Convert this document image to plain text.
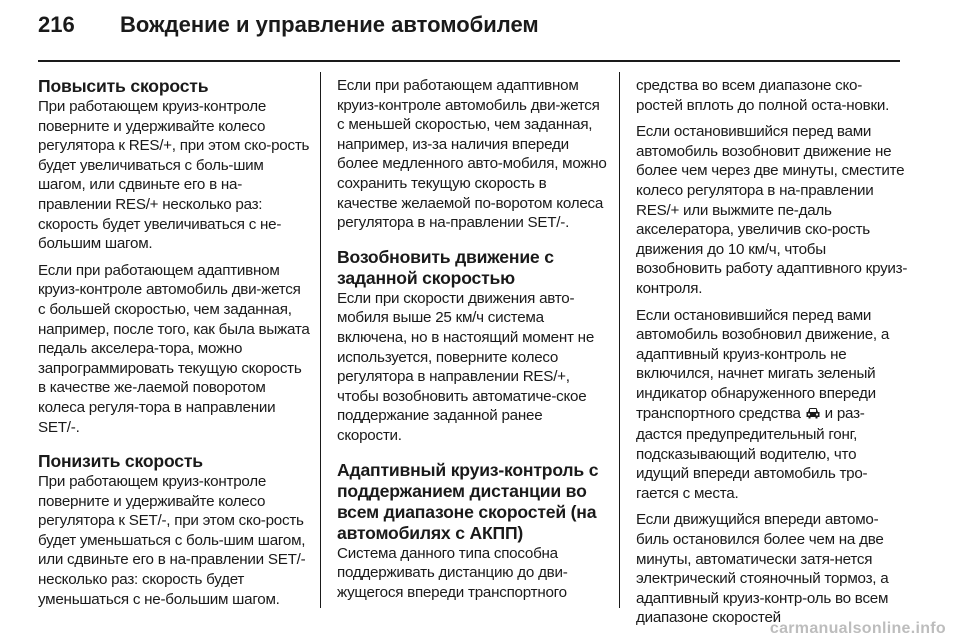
216	Вождение и управление автомобилем
Повысить скорость

При работающем круиз-контроле поверните и удерживайте колесо регулятора к RES/+, при этом ско-рость будет увеличиваться с боль-шим шагом, или сдвиньте его в на-правлении RES/+ несколько раз: скорость будет увеличиваться с не-большим шагом.

Если при работающем адаптивном круиз-контроле автомобиль дви-жется с большей скоростью, чем заданная, например, после того, как была выжата педаль акселера-тора, можно запрограммировать текущую скорость в качестве же-лаемой поворотом колеса регуля-тора в направлении SET/-.

Понизить скорость

При работающем круиз-контроле поверните и удерживайте колесо регулятора к SET/-, при этом ско-рость будет уменьшаться с боль-шим шагом, или сдвиньте его в на-правлении SET/- несколько раз: скорость будет уменьшаться с не-большим шагом.

Если при работающем адаптивном круиз-контроле автомобиль дви-жется с меньшей скоростью, чем заданная, например, из-за наличия впереди более медленного авто-мобиля, можно сохранить текущую скорость в качестве желаемой по-воротом колеса регулятора в на-правлении SET/-.

Возобновить движение с заданной скоростью

Если при скорости движения авто-мобиля выше 25 км/ч система включена, но в настоящий момент не используется, поверните колесо регулятора в направлении RES/+, чтобы возобновить автоматиче-ское поддержание заданной ранее скорости.

Адаптивный круиз-контроль с поддержанием дистанции во всем диапазоне скоростей (на автомобилях с АКПП)

Система данного типа способна поддерживать дистанцию до дви-жущегося впереди транспортного

средства во всем диапазоне ско-ростей вплоть до полной оста-новки.

Если остановившийся перед вами автомобиль возобновит движение не более чем через две минуты, сместите колесо регулятора в на-правлении RES/+ или выжмите пе-даль акселератора, увеличив ско-рость движения до 10 км/ч, чтобы возобновить работу адаптивного круиз-контроля.

Если остановившийся перед вами автомобиль возобновил движение, а адаптивный круиз-контроль не включился, начнет мигать зеленый индикатор обнаруженного впереди транспортного средства и раз-дастся предупредительный гонг, подсказывающий водителю, что идущий впереди автомобиль тро-гается с места.

Если движущийся впереди автомо-биль остановился более чем на две минуты, автоматически затя-нется электрический стояночный тормоз, а адаптивный круиз-контр-оль во всем диапазоне скоростей

carmanualsonline.info
